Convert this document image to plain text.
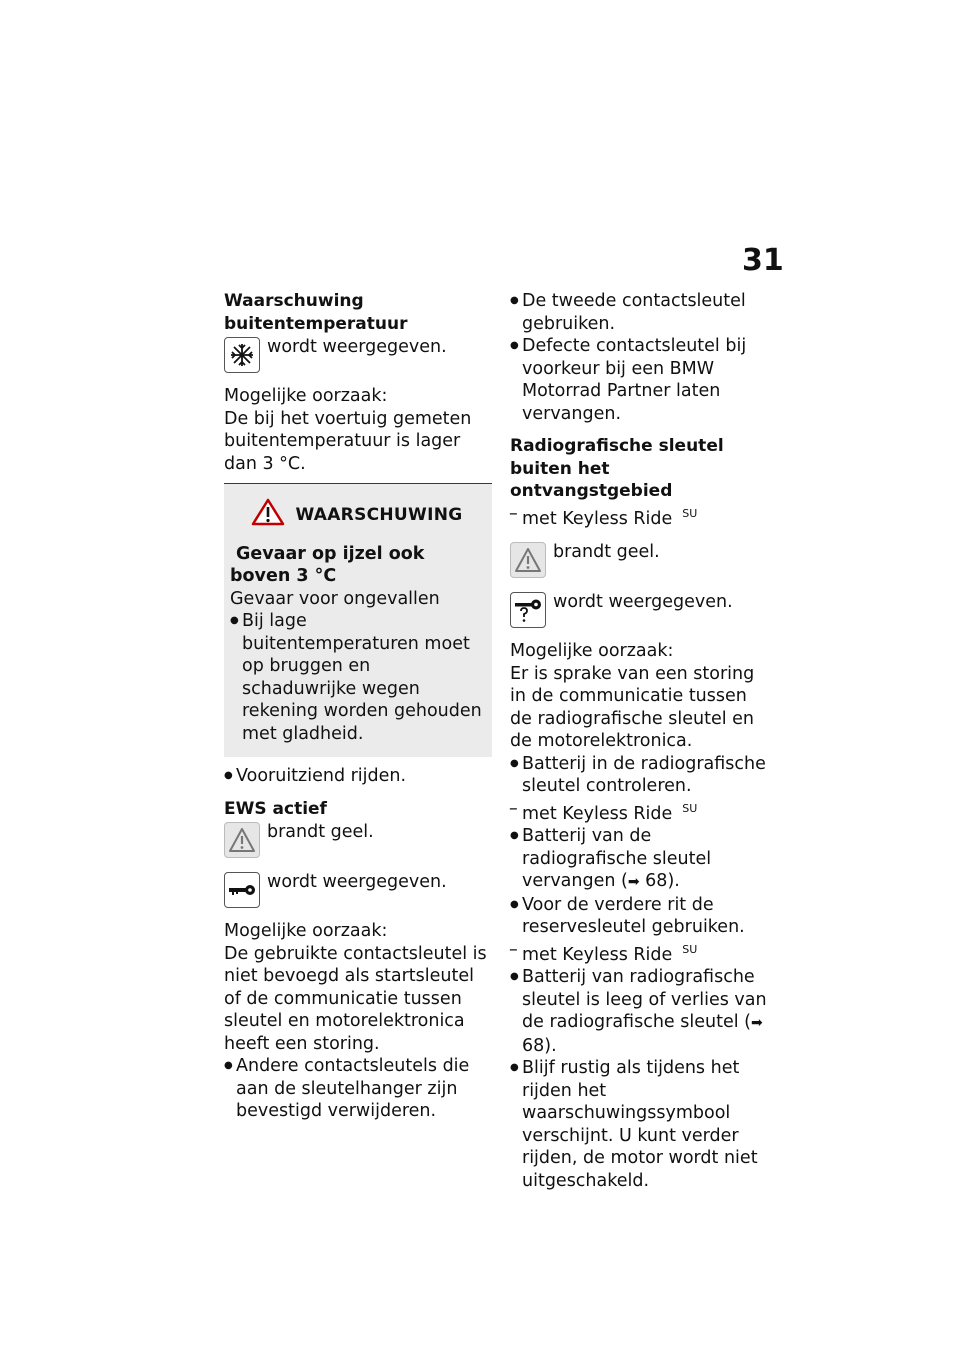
31
Waarschuwing buitentemperatuur
wordt weergegeven.

Mogelijke oorzaak:

De bij het voertuig gemeten buitentemperatuur is lager dan 3 °C.

WAARSCHUWING
Gevaar op ijzel ook boven 3 °C
Gevaar voor ongevallen
● Bij lage buitentemperaturen moet op bruggen en schaduwrijke wegen rekening worden gehouden met gladheid.
● Vooruitziend rijden.
EWS actief
brandt geel.
wordt weergegeven.

Mogelijke oorzaak:

De gebruikte contactsleutel is niet bevoegd als startsleutel of de communicatie tussen sleutel en motorelektronica heeft een storing.

● Andere contactsleutels die aan de sleutelhanger zijn bevestigd verwijderen.
● De tweede contactsleutel gebruiken.
● Defecte contactsleutel bij voorkeur bij een BMW Motorrad Partner laten vervangen.
Radiografische sleutel buiten het ontvangstgebied
– met Keyless Ride $^{SU}$
brandt geel.
wordt weergegeven.

Mogelijke oorzaak:

Er is sprake van een storing in de communicatie tussen de radiografische sleutel en de motorelektronica.

● Batterij in de radiografische sleutel controleren.
– met Keyless Ride $^{SU}$
● Batterij van de radiografische sleutel vervangen (➡ 68).
● Voor de verdere rit de reservesleutel gebruiken.
– met Keyless Ride $^{SU}$
● Batterij van radiografische sleutel is leeg of verlies van de radiografische sleutel (➡ 68).
● Blijf rustig als tijdens het rijden het waarschuwingssymbool verschijnt. U kunt verder rijden, de motor wordt niet uitgeschakeld.
